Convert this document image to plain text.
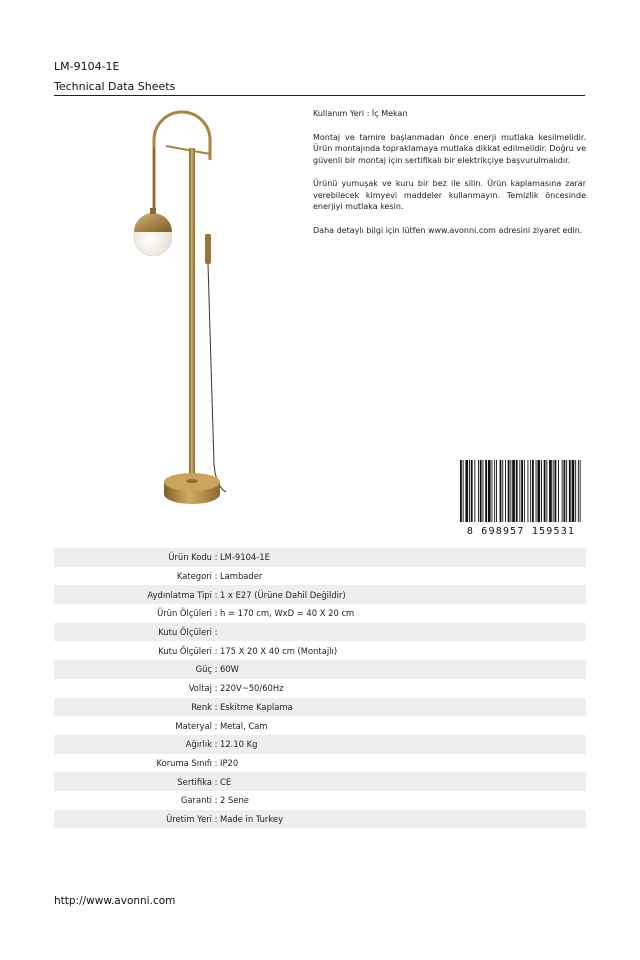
LM-9104-1E
Technical Data Sheets

Kullanım Yeri : İç Mekan

Montaj ve tamire başlanmadan önce enerji mutlaka kesilmelidir. Ürün montajında topraklamaya mutlaka dikkat edilmelidir. Doğru ve güvenli bir montaj için sertifikalı bir elektrikçiye başvurulmalıdır.

Ürünü yumuşak ve kuru bir bez ile silin. Ürün kaplamasına zarar verebilecek kimyevi maddeler kullanmayın. Temizlik öncesinde enerjiyi mutlaka kesin.

Daha detaylı bilgi için lütfen www.avonni.com adresini ziyaret edin.

8 698957 159531
Ürün Kodu : LM-9104-1E
Kategori : Lambader
Aydınlatma Tipi : 1 x E27 (Ürüne Dahil Değildir)
Ürün Ölçüleri : h = 170 cm, WxD = 40 X 20 cm
Kutu Ölçüleri :
Kutu Ölçüleri : 175 X 20 X 40 cm (Montajlı)
Güç : 60W
Voltaj : 220V~50/60Hz
Renk : Eskitme Kaplama
Materyal : Metal, Cam
Ağırlık : 12.10 Kg
Koruma Sınıfı : IP20
Sertifika : CE
Garanti : 2 Sene
Üretim Yeri : Made in Turkey
http://www.avonni.com
